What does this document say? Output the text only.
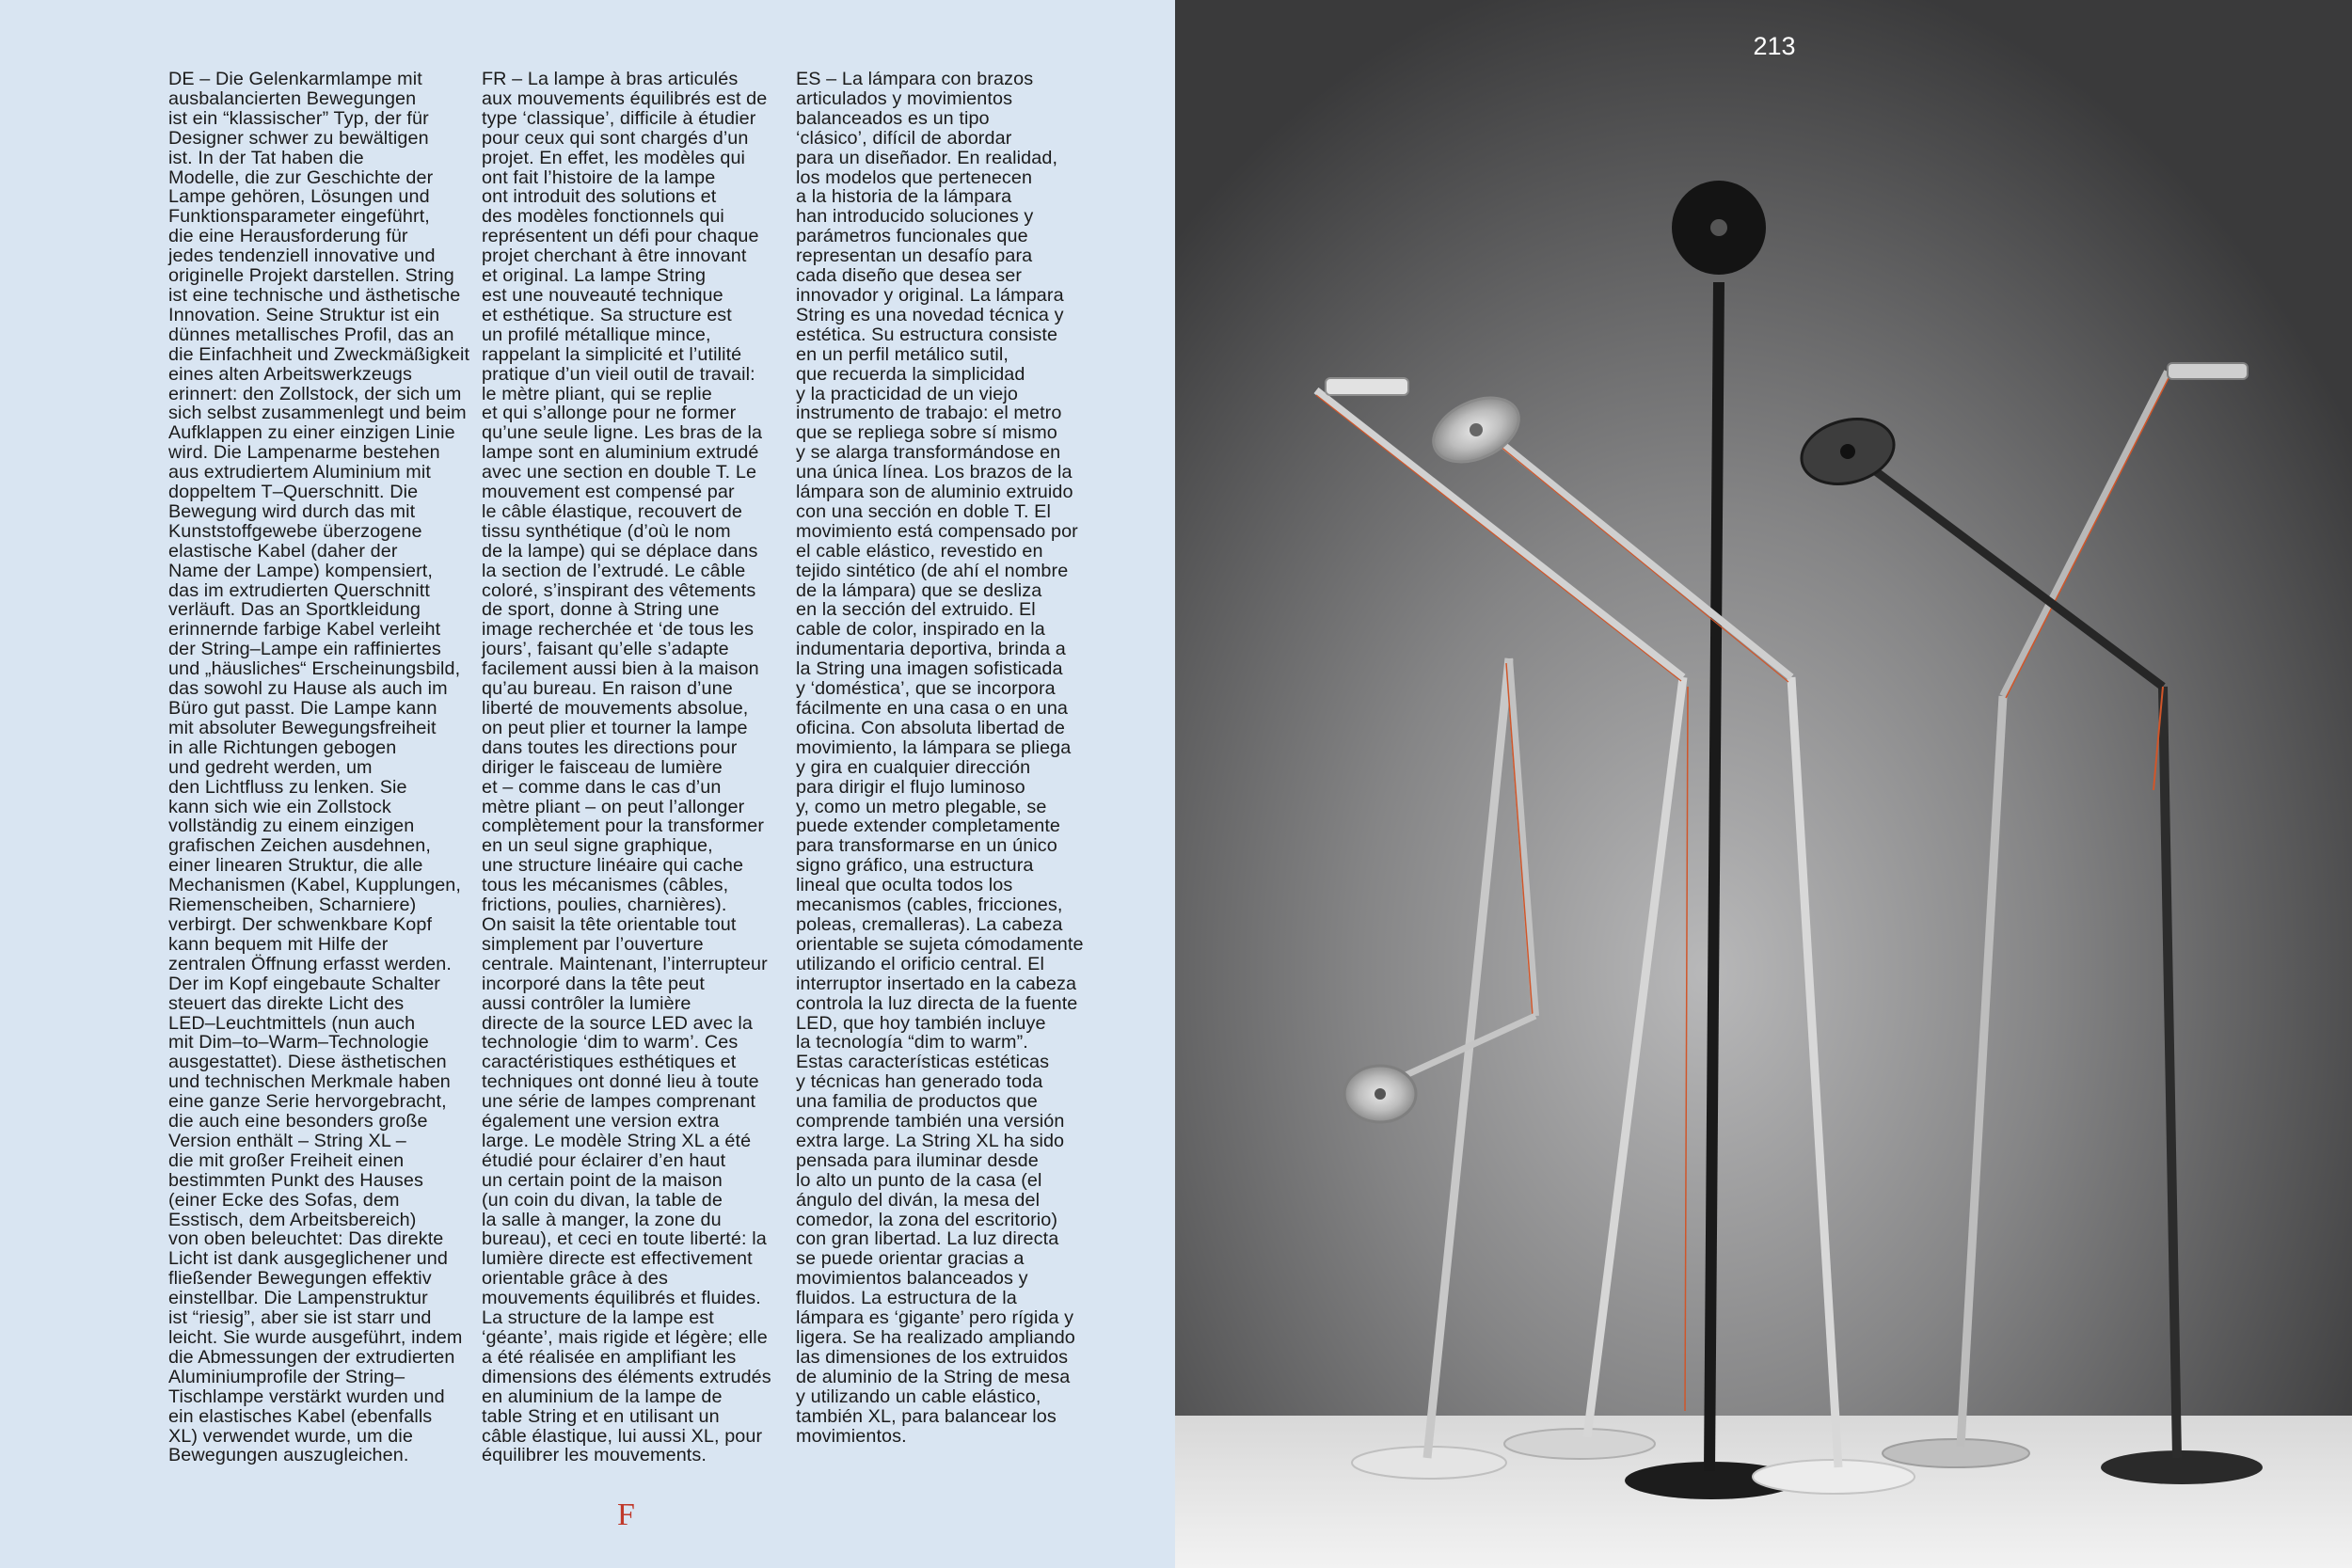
DE – Die Gelenkarmlampe mit
ausbalancierten Bewegungen
ist ein “klassischer” Typ, der für
Designer schwer zu bewältigen
ist. In der Tat haben die
Modelle, die zur Geschichte der
Lampe gehören, Lösungen und
Funktionsparameter eingeführt,
die eine Herausforderung für
jedes tendenziell innovative und
originelle Projekt darstellen. String
ist eine technische und ästhetische
Innovation. Seine Struktur ist ein
dünnes metallisches Profil, das an
die Einfachheit und Zweckmäßigkeit
eines alten Arbeitswerkzeugs
erinnert: den Zollstock, der sich um
sich selbst zusammenlegt und beim
Aufklappen zu einer einzigen Linie
wird. Die Lampenarme bestehen
aus extrudiertem Aluminium mit
doppeltem T–Querschnitt. Die
Bewegung wird durch das mit
Kunststoffgewebe überzogene
elastische Kabel (daher der
Name der Lampe) kompensiert,
das im extrudierten Querschnitt
verläuft. Das an Sportkleidung
erinnernde farbige Kabel verleiht
der String–Lampe ein raffiniertes
und „häusliches“ Erscheinungsbild,
das sowohl zu Hause als auch im
Büro gut passt. Die Lampe kann
mit absoluter Bewegungsfreiheit
in alle Richtungen gebogen
und gedreht werden, um
den Lichtfluss zu lenken. Sie
kann sich wie ein Zollstock
vollständig zu einem einzigen
grafischen Zeichen ausdehnen,
einer linearen Struktur, die alle
Mechanismen (Kabel, Kupplungen,
Riemenscheiben, Scharniere)
verbirgt. Der schwenkbare Kopf
kann bequem mit Hilfe der
zentralen Öffnung erfasst werden.
Der im Kopf eingebaute Schalter
steuert das direkte Licht des
LED–Leuchtmittels (nun auch
mit Dim–to–Warm–Technologie
ausgestattet). Diese ästhetischen
und technischen Merkmale haben
eine ganze Serie hervorgebracht,
die auch eine besonders große
Version enthält – String XL –
die mit großer Freiheit einen
bestimmten Punkt des Hauses
(einer Ecke des Sofas, dem
Esstisch, dem Arbeitsbereich)
von oben beleuchtet: Das direkte
Licht ist dank ausgeglichener und
fließender Bewegungen effektiv
einstellbar. Die Lampenstruktur
ist “riesig”, aber sie ist starr und
leicht. Sie wurde ausgeführt, indem
die Abmessungen der extrudierten
Aluminiumprofile der String–
Tischlampe verstärkt wurden und
ein elastisches Kabel (ebenfalls
XL) verwendet wurde, um die
Bewegungen auszugleichen.
FR – La lampe à bras articulés
aux mouvements équilibrés est de
type ‘classique’, difficile à étudier
pour ceux qui sont chargés d’un
projet. En effet, les modèles qui
ont fait l’histoire de la lampe
ont introduit des solutions et
des modèles fonctionnels qui
représentent un défi pour chaque
projet cherchant à être innovant
et original. La lampe String
est une nouveauté technique
et esthétique. Sa structure est
un profilé métallique mince,
rappelant la simplicité et l’utilité
pratique d’un vieil outil de travail:
le mètre pliant, qui se replie
et qui s’allonge pour ne former
qu’une seule ligne. Les bras de la
lampe sont en aluminium extrudé
avec une section en double T. Le
mouvement est compensé par
le câble élastique, recouvert de
tissu synthétique (d’où le nom
de la lampe) qui se déplace dans
la section de l’extrudé. Le câble
coloré, s’inspirant des vêtements
de sport, donne à String une
image recherchée et ‘de tous les
jours’, faisant qu’elle s’adapte
facilement aussi bien à la maison
qu’au bureau. En raison d’une
liberté de mouvements absolue,
on peut plier et tourner la lampe
dans toutes les directions pour
diriger le faisceau de lumière
et – comme dans le cas d’un
mètre pliant – on peut l’allonger
complètement pour la transformer
en un seul signe graphique,
une structure linéaire qui cache
tous les mécanismes (câbles,
frictions, poulies, charnières).
On saisit la tête orientable tout
simplement par l’ouverture
centrale. Maintenant, l’interrupteur
incorporé dans la tête peut
aussi contrôler la lumière
directe de la source LED avec la
technologie ‘dim to warm’. Ces
caractéristiques esthétiques et
techniques ont donné lieu à toute
une série de lampes comprenant
également une version extra
large. Le modèle String XL a été
étudié pour éclairer d’en haut
un certain point de la maison
(un coin du divan, la table de
la salle à manger, la zone du
bureau), et ceci en toute liberté: la
lumière directe est effectivement
orientable grâce à des
mouvements équilibrés et fluides.
La structure de la lampe est
‘géante’, mais rigide et légère; elle
a été réalisée en amplifiant les
dimensions des éléments extrudés
en aluminium de la lampe de
table String et en utilisant un
câble élastique, lui aussi XL, pour
équilibrer les mouvements.
ES – La lámpara con brazos
articulados y movimientos
balanceados es un tipo
‘clásico’, difícil de abordar
para un diseñador. En realidad,
los modelos que pertenecen
a la historia de la lámpara
han introducido soluciones y
parámetros funcionales que
representan un desafío para
cada diseño que desea ser
innovador y original. La lámpara
String es una novedad técnica y
estética. Su estructura consiste
en un perfil metálico sutil,
que recuerda la simplicidad
y la practicidad de un viejo
instrumento de trabajo: el metro
que se repliega sobre sí mismo
y se alarga transformándose en
una única línea. Los brazos de la
lámpara son de aluminio extruido
con una sección en doble T. El
movimiento está compensado por
el cable elástico, revestido en
tejido sintético (de ahí el nombre
de la lámpara) que se desliza
en la sección del extruido. El
cable de color, inspirado en la
indumentaria deportiva, brinda a
la String una imagen sofisticada
y ‘doméstica’, que se incorpora
fácilmente en una casa o en una
oficina. Con absoluta libertad de
movimiento, la lámpara se pliega
y gira en cualquier dirección
para dirigir el flujo luminoso
y, como un metro plegable, se
puede extender completamente
para transformarse en un único
signo gráfico, una estructura
lineal que oculta todos los
mecanismos (cables, fricciones,
poleas, cremalleras). La cabeza
orientable se sujeta cómodamente
utilizando el orificio central. El
interruptor insertado en la cabeza
controla la luz directa de la fuente
LED, que hoy también incluye
la tecnología “dim to warm”.
Estas características estéticas
y técnicas han generado toda
una familia de productos que
comprende también una versión
extra large. La String XL ha sido
pensada para iluminar desde
lo alto un punto de la casa (el
ángulo del diván, la mesa del
comedor, la zona del escritorio)
con gran libertad. La luz directa
se puede orientar gracias a
movimientos balanceados y
fluidos. La estructura de la
lámpara es ‘gigante’ pero rígida y
ligera. Se ha realizado ampliando
las dimensiones de los extruidos
de aluminio de la String de mesa
y utilizando un cable elástico,
también XL, para balancear los
movimientos.
F
213
